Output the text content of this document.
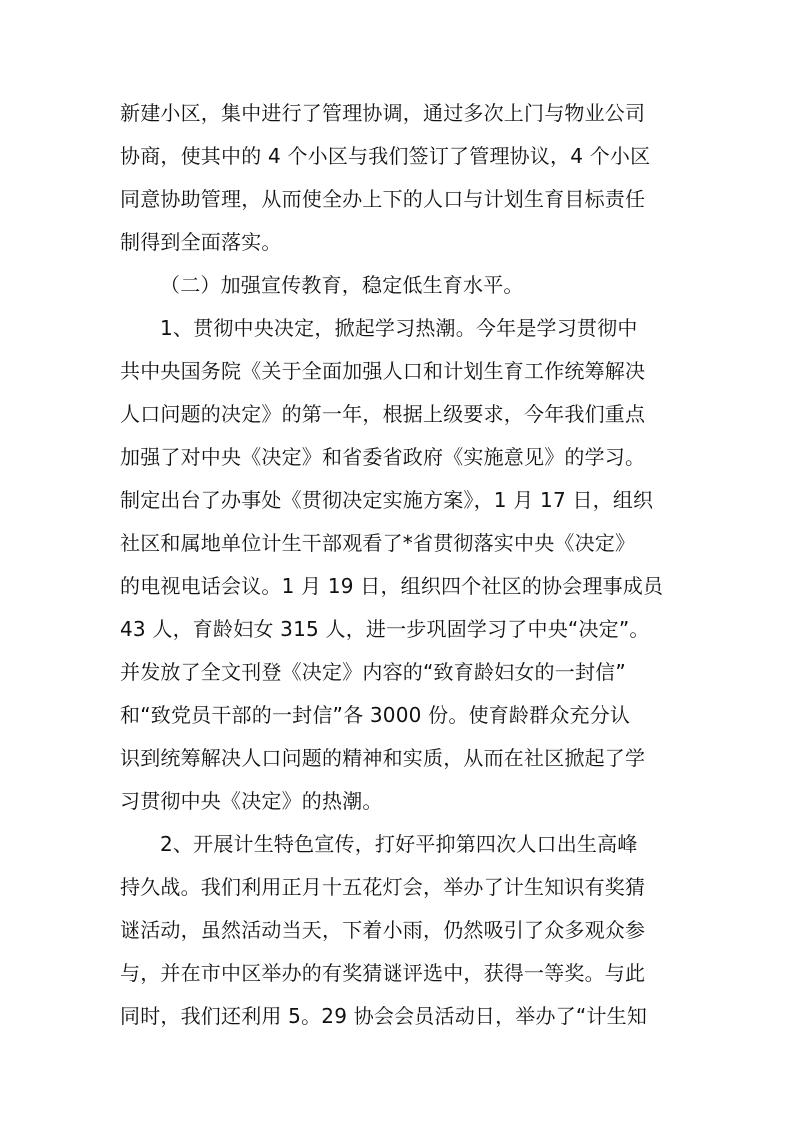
新建小区，集中进行了管理协调，通过多次上门与物业公司
协商，使其中的 4 个小区与我们签订了管理协议，4 个小区
同意协助管理，从而使全办上下的人口与计划生育目标责任
制得到全面落实。
（二）加强宣传教育，稳定低生育水平。
1、贯彻中央决定，掀起学习热潮。今年是学习贯彻中
共中央国务院《关于全面加强人口和计划生育工作统筹解决
人口问题的决定》的第一年，根据上级要求，今年我们重点
加强了对中央《决定》和省委省政府《实施意见》的学习。
制定出台了办事处《贯彻决定实施方案》，1 月 17 日，组织
社区和属地单位计生干部观看了*省贯彻落实中央《决定》
的电视电话会议。1 月 19 日，组织四个社区的协会理事成员
43 人，育龄妇女 315 人，进一步巩固学习了中央“决定”。
并发放了全文刊登《决定》内容的“致育龄妇女的一封信”
和“致党员干部的一封信”各 3000 份。使育龄群众充分认
识到统筹解决人口问题的精神和实质，从而在社区掀起了学
习贯彻中央《决定》的热潮。
2、开展计生特色宣传，打好平抑第四次人口出生高峰
持久战。我们利用正月十五花灯会，举办了计生知识有奖猜
谜活动，虽然活动当天，下着小雨，仍然吸引了众多观众参
与，并在市中区举办的有奖猜谜评选中，获得一等奖。与此
同时，我们还利用 5。29 协会会员活动日，举办了“计生知
